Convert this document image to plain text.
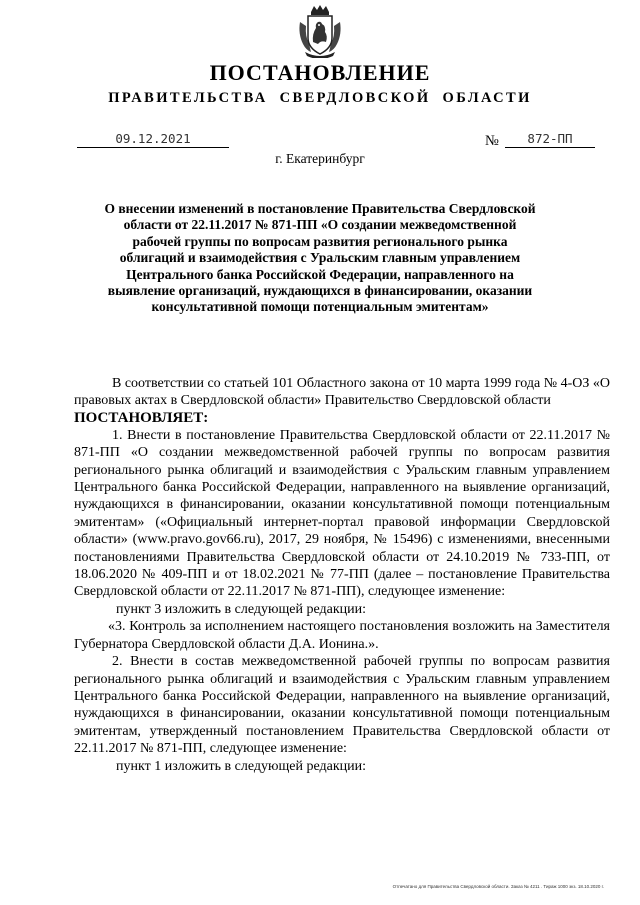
ПОСТАНОВЛЕНИЕ
ПРАВИТЕЛЬСТВА СВЕРДЛОВСКОЙ ОБЛАСТИ
09.12.2021	№	872-ПП
г. Екатеринбург
О внесении изменений в постановление Правительства Свердловской области от 22.11.2017 № 871-ПП «О создании межведомственной рабочей группы по вопросам развития регионального рынка облигаций и взаимодействия с Уральским главным управлением Центрального банка Российской Федерации, направленного на выявление организаций, нуждающихся в финансировании, оказании консультативной помощи потенциальным эмитентам»

В соответствии со статьей 101 Областного закона от 10 марта 1999 года № 4-ОЗ «О правовых актах в Свердловской области» Правительство Свердловской области

ПОСТАНОВЛЯЕТ:

1. Внести в постановление Правительства Свердловской области от 22.11.2017 № 871-ПП «О создании межведомственной рабочей группы по вопросам развития регионального рынка облигаций и взаимодействия с Уральским главным управлением Центрального банка Российской Федерации, направленного на выявление организаций, нуждающихся в финансировании, оказании консультативной помощи потенциальным эмитентам» («Официальный интернет-портал правовой информации Свердловской области» (www.pravo.gov66.ru), 2017, 29 ноября, № 15496) с изменениями, внесенными постановлениями Правительства Свердловской области от 24.10.2019 № 733-ПП, от 18.06.2020 № 409-ПП и от 18.02.2021 № 77-ПП (далее – постановление Правительства Свердловской области от 22.11.2017 № 871-ПП), следующее изменение:

пункт 3 изложить в следующей редакции:

«3. Контроль за исполнением настоящего постановления возложить на Заместителя Губернатора Свердловской области Д.А. Ионина.».

2. Внести в состав межведомственной рабочей группы по вопросам развития регионального рынка облигаций и взаимодействия с Уральским главным управлением Центрального банка Российской Федерации, направленного на выявление организаций, нуждающихся в финансировании, оказании консультативной помощи потенциальным эмитентам, утвержденный постановлением Правительства Свердловской области от 22.11.2017 № 871-ПП, следующее изменение:

пункт 1 изложить в следующей редакции:

Отпечатано для Правительства Свердловской области. Заказ № 4211 . Тираж 1000 экз. 18.10.2020 г.
